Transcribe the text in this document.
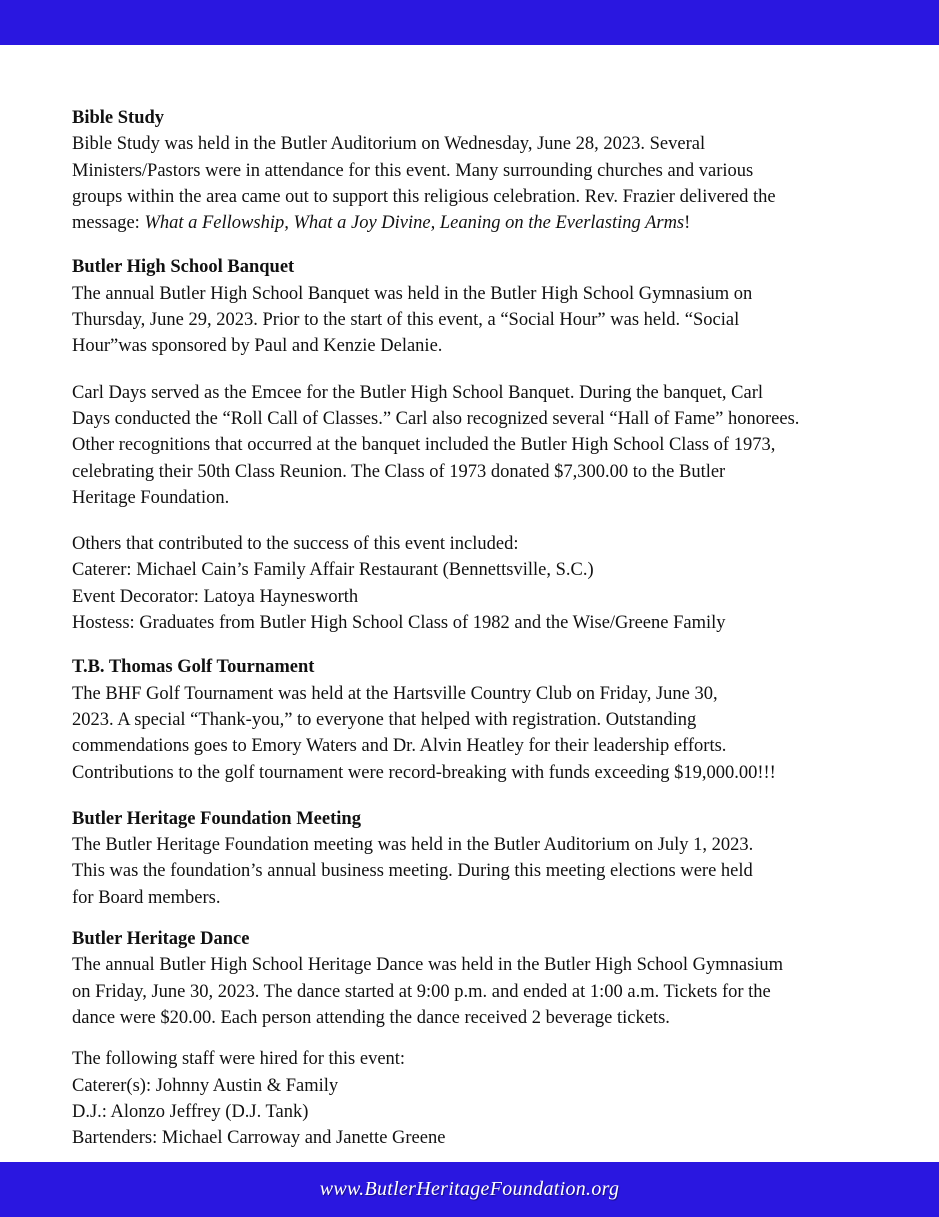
Bible Study
Bible Study was held in the Butler Auditorium on Wednesday, June 28, 2023. Several
Ministers/Pastors were in attendance for this event. Many surrounding churches and various
groups within the area came out to support this religious celebration. Rev. Frazier delivered the
message: What a Fellowship, What a Joy Divine, Leaning on the Everlasting Arms!
Butler High School Banquet
The annual Butler High School Banquet was held in the Butler High School Gymnasium on
Thursday, June 29, 2023. Prior to the start of this event, a “Social Hour” was held. “Social
Hour”was sponsored by Paul and Kenzie Delanie.
Carl Days served as the Emcee for the Butler High School Banquet. During the banquet, Carl
Days conducted the “Roll Call of Classes.” Carl also recognized several “Hall of Fame” honorees.
Other recognitions that occurred at the banquet included the Butler High School Class of 1973,
celebrating their 50th Class Reunion. The Class of 1973 donated $7,300.00 to the Butler
Heritage Foundation.
Others that contributed to the success of this event included:
Caterer: Michael Cain’s Family Affair Restaurant (Bennettsville, S.C.)
Event Decorator: Latoya Haynesworth
Hostess: Graduates from Butler High School Class of 1982 and the Wise/Greene Family
T.B. Thomas Golf Tournament
The BHF Golf Tournament was held at the Hartsville Country Club on Friday, June 30,
2023. A special “Thank-you,” to everyone that helped with registration. Outstanding
commendations goes to Emory Waters and Dr. Alvin Heatley for their leadership efforts.
Contributions to the golf tournament were record-breaking with funds exceeding $19,000.00!!!
Butler Heritage Foundation Meeting
The Butler Heritage Foundation meeting was held in the Butler Auditorium on July 1, 2023.
This was the foundation’s annual business meeting. During this meeting elections were held
for Board members.
Butler Heritage Dance
The annual Butler High School Heritage Dance was held in the Butler High School Gymnasium
on Friday, June 30, 2023. The dance started at 9:00 p.m. and ended at 1:00 a.m. Tickets for the
dance were $20.00. Each person attending the dance received 2 beverage tickets.
The following staff were hired for this event:
Caterer(s): Johnny Austin & Family
D.J.: Alonzo Jeffrey (D.J. Tank)
Bartenders: Michael Carroway and Janette Greene
www.ButlerHeritageFoundation.org
